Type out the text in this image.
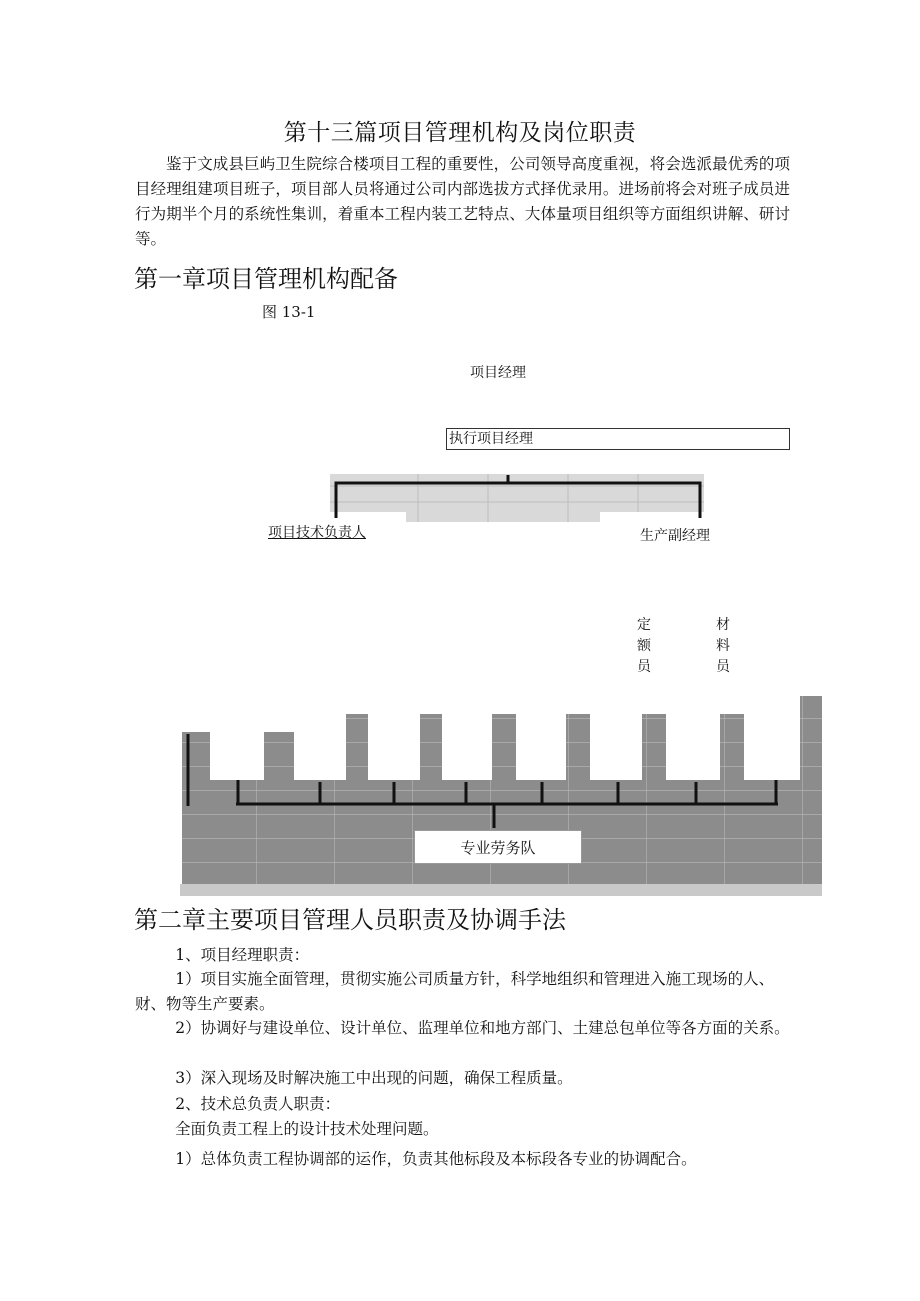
第十三篇项目管理机构及岗位职责

鉴于文成县巨屿卫生院综合楼项目工程的重要性，公司领导高度重视，将会选派最优秀的项目经理组建项目班子，项目部人员将通过公司内部选拔方式择优录用。进场前将会对班子成员进行为期半个月的系统性集训，着重本工程内装工艺特点、大体量项目组织等方面组织讲解、研讨等。

第一章项目管理机构配备
图 13-1
项目经理
执行项目经理
项目技术负责人	生产副经理
定额员
材料员
专业劳务队
第二章主要项目管理人员职责及协调手法

1、项目经理职责：

1）项目实施全面管理，贯彻实施公司质量方针，科学地组织和管理进入施工现场的人、财、物等生产要素。

2）协调好与建设单位、设计单位、监理单位和地方部门、土建总包单位等各方面的关系。

3）深入现场及时解决施工中出现的问题，确保工程质量。

2、技术总负责人职责：

全面负责工程上的设计技术处理问题。

1）总体负责工程协调部的运作，负责其他标段及本标段各专业的协调配合。
